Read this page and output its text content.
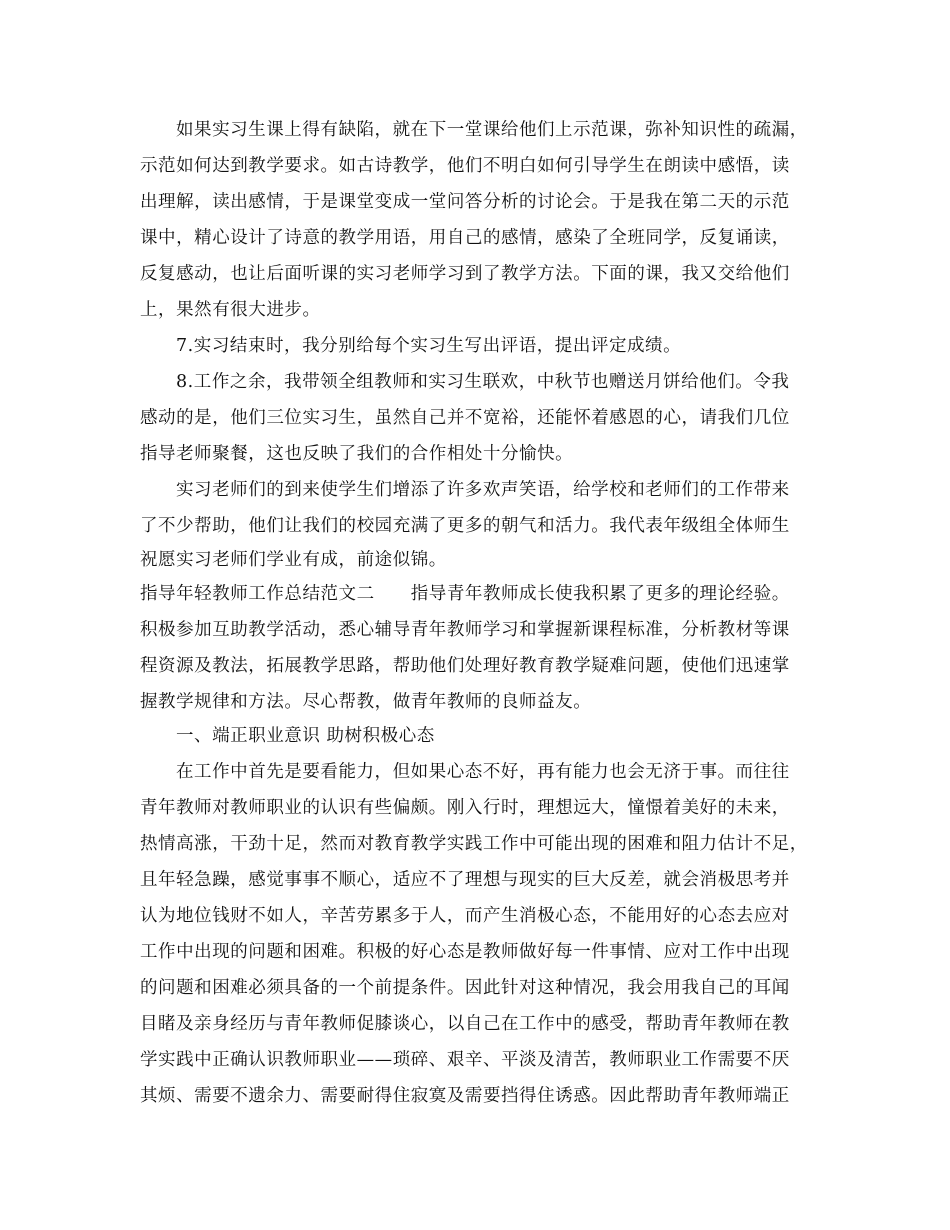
如果实习生课上得有缺陷，就在下一堂课给他们上示范课，弥补知识性的疏漏，
示范如何达到教学要求。如古诗教学，他们不明白如何引导学生在朗读中感悟，读
出理解，读出感情，于是课堂变成一堂问答分析的讨论会。于是我在第二天的示范
课中，精心设计了诗意的教学用语，用自己的感情，感染了全班同学，反复诵读，
反复感动，也让后面听课的实习老师学习到了教学方法。下面的课，我又交给他们
上，果然有很大进步。
7.实习结束时，我分别给每个实习生写出评语，提出评定成绩。
8.工作之余，我带领全组教师和实习生联欢，中秋节也赠送月饼给他们。令我
感动的是，他们三位实习生，虽然自己并不宽裕，还能怀着感恩的心，请我们几位
指导老师聚餐，这也反映了我们的合作相处十分愉快。
实习老师们的到来使学生们增添了许多欢声笑语，给学校和老师们的工作带来
了不少帮助，他们让我们的校园充满了更多的朝气和活力。我代表年级组全体师生
祝愿实习老师们学业有成，前途似锦。
指导年轻教师工作总结范文二　　指导青年教师成长使我积累了更多的理论经验。
积极参加互助教学活动，悉心辅导青年教师学习和掌握新课程标准，分析教材等课
程资源及教法，拓展教学思路，帮助他们处理好教育教学疑难问题，使他们迅速掌
握教学规律和方法。尽心帮教，做青年教师的良师益友。
一、端正职业意识 助树积极心态
在工作中首先是要看能力，但如果心态不好，再有能力也会无济于事。而往往
青年教师对教师职业的认识有些偏颇。刚入行时，理想远大，憧憬着美好的未来，
热情高涨，干劲十足，然而对教育教学实践工作中可能出现的困难和阻力估计不足，
且年轻急躁，感觉事事不顺心，适应不了理想与现实的巨大反差，就会消极思考并
认为地位钱财不如人，辛苦劳累多于人，而产生消极心态，不能用好的心态去应对
工作中出现的问题和困难。积极的好心态是教师做好每一件事情、应对工作中出现
的问题和困难必须具备的一个前提条件。因此针对这种情况，我会用我自己的耳闻
目睹及亲身经历与青年教师促膝谈心，以自己在工作中的感受，帮助青年教师在教
学实践中正确认识教师职业——琐碎、艰辛、平淡及清苦，教师职业工作需要不厌
其烦、需要不遗余力、需要耐得住寂寞及需要挡得住诱惑。因此帮助青年教师端正
